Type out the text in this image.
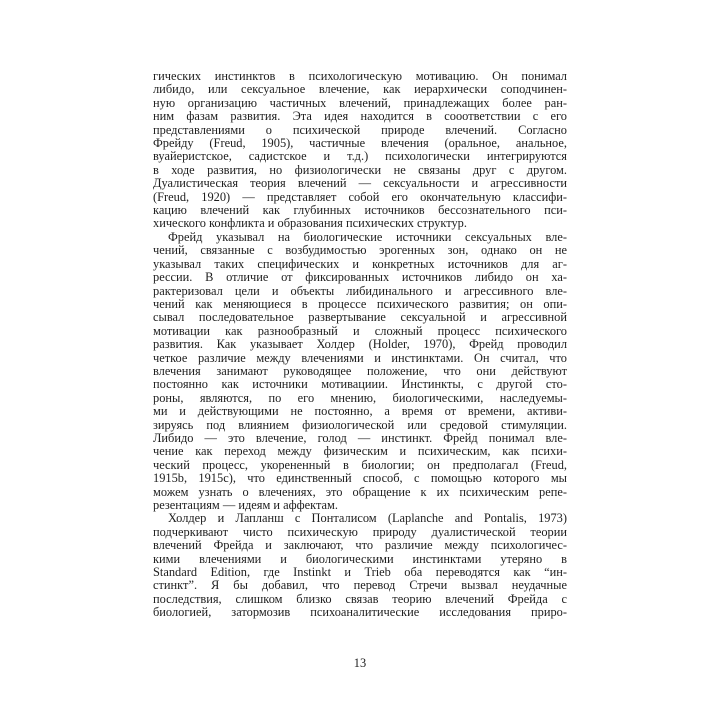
гических инстинктов в психологическую мотивацию. Он понимал
либидо, или сексуальное влечение, как иерархически соподчинен-
ную организацию частичных влечений, принадлежащих более ран-
ним фазам развития. Эта идея находится в сооответствии с его
представлениями о психической природе влечений. Согласно
Фрейду (Freud, 1905), частичные влечения (оральное, анальное,
вуайеристское, садистское и т.д.) психологически интегрируются
в ходе развития, но физиологически не связаны друг с другом.
Дуалистическая теория влечений — сексуальности и агрессивности
(Freud, 1920) — представляет собой его окончательную классифи-
кацию влечений как глубинных источников бессознательного пси-
хического конфликта и образования психических структур.
Фрейд указывал на биологические источники сексуальных вле-
чений, связанные с возбудимостью эрогенных зон, однако он не
указывал таких специфических и конкретных источников для аг-
рессии. В отличие от фиксированных источников либидо он ха-
рактеризовал цели и объекты либидинального и агрессивного вле-
чений как меняющиеся в процессе психического развития; он опи-
сывал последовательное развертывание сексуальной и агрессивной
мотивации как разнообразный и сложный процесс психического
развития. Как указывает Холдер (Holder, 1970), Фрейд проводил
четкое различие между влечениями и инстинктами. Он считал, что
влечения занимают руководящее положение, что они действуют
постоянно как источники мотивациии. Инстинкты, с другой сто-
роны, являются, по его мнению, биологическими, наследуемы-
ми и действующими не постоянно, а время от времени, активи-
зируясь под влиянием физиологической или средовой стимуляции.
Либидо — это влечение, голод — инстинкт. Фрейд понимал вле-
чение как переход между физическим и психическим, как психи-
ческий процесс, укорененный в биологии; он предполагал (Freud,
1915b, 1915c), что единственный способ, с помощью которого мы
можем узнать о влечениях, это обращение к их психическим репе-
резентациям — идеям и аффектам.
Холдер и Лапланш с Понталисом (Laplanche and Pontalis, 1973)
подчеркивают чисто психическую природу дуалистической теории
влечений Фрейда и заключают, что различие между психологичес-
кими влечениями и биологическими инстинктами утеряно в
Standard Edition, где Instinkt и Trieb оба переводятся как “ин-
стинкт”. Я бы добавил, что перевод Стречи вызвал неудачные
последствия, слишком близко связав теорию влечений Фрейда с
биологией, затормозив психоаналитические исследования приро-
13
